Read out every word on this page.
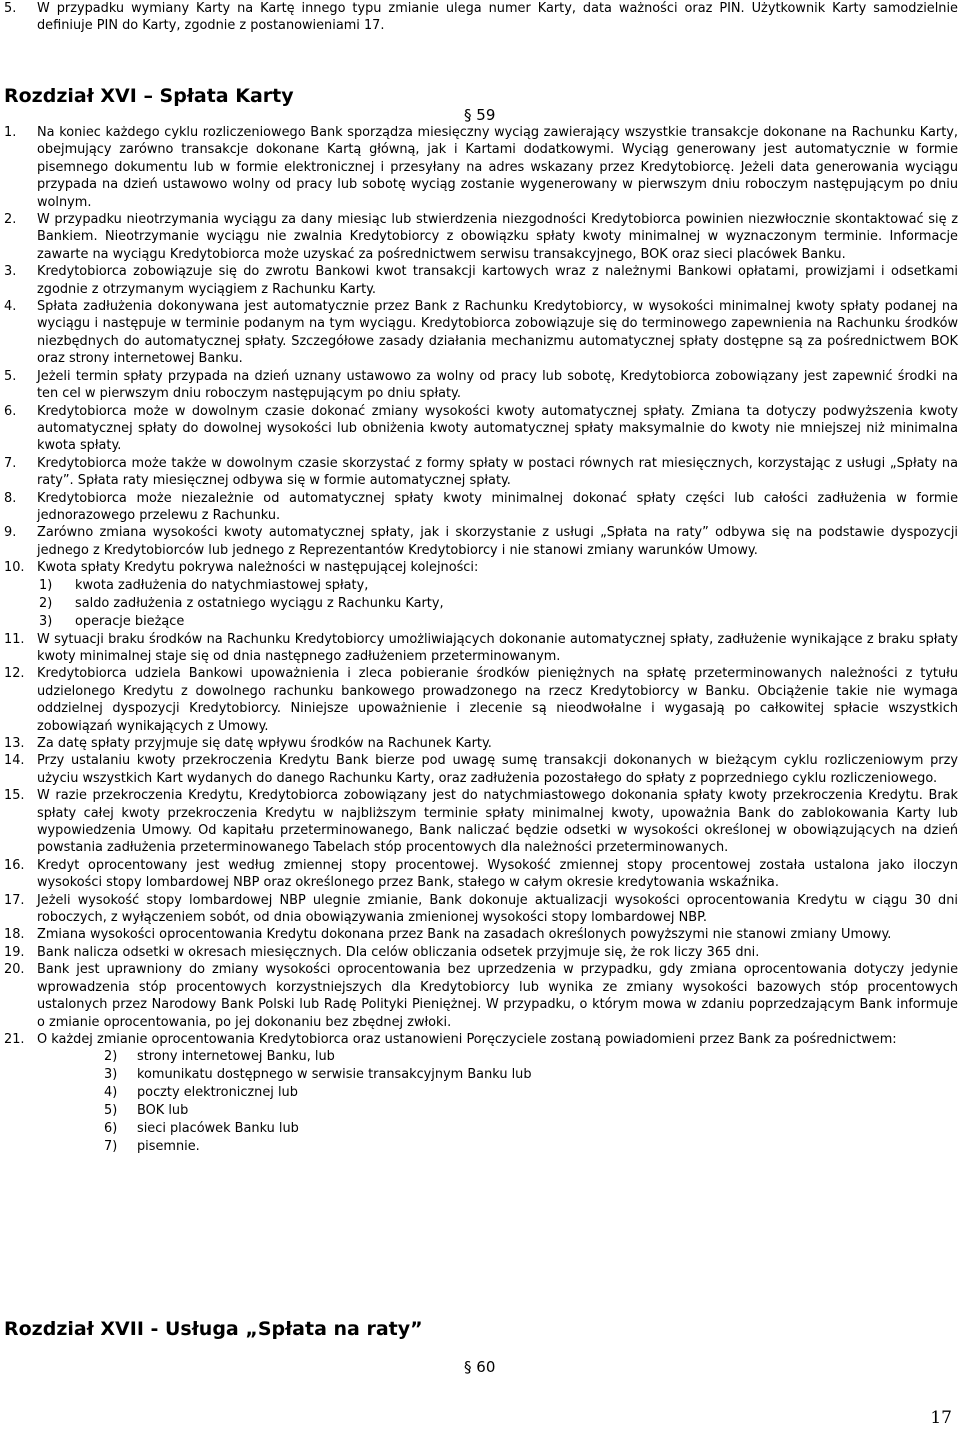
5.	W przypadku wymiany Karty na Kartę innego typu zmianie ulega numer Karty, data ważności oraz PIN. Użytkownik Karty samodzielnie definiuje PIN do Karty, zgodnie z postanowieniami 17.
Rozdział XVI – Spłata Karty
§ 59
1.	Na koniec każdego cyklu rozliczeniowego Bank sporządza miesięczny wyciąg zawierający wszystkie transakcje dokonane na Rachunku Karty, obejmujący zarówno transakcje dokonane Kartą główną, jak i Kartami dodatkowymi. Wyciąg generowany jest automatycznie w formie pisemnego dokumentu lub w formie elektronicznej i przesyłany na adres wskazany przez Kredytobiorcę. Jeżeli data generowania wyciągu przypada na dzień ustawowo wolny od pracy lub sobotę wyciąg zostanie wygenerowany w pierwszym dniu roboczym następującym po dniu wolnym.
2.	W przypadku nieotrzymania wyciągu za dany miesiąc lub stwierdzenia niezgodności Kredytobiorca powinien niezwłocznie skontaktować się z Bankiem. Nieotrzymanie wyciągu nie zwalnia Kredytobiorcy z obowiązku spłaty kwoty minimalnej w wyznaczonym terminie. Informacje zawarte na wyciągu Kredytobiorca może uzyskać za pośrednictwem serwisu transakcyjnego, BOK oraz sieci placówek Banku.
3.	Kredytobiorca zobowiązuje się do zwrotu Bankowi kwot transakcji kartowych wraz z należnymi Bankowi opłatami, prowizjami i odsetkami zgodnie z otrzymanym wyciągiem z Rachunku Karty.
4.	Spłata zadłużenia dokonywana jest automatycznie przez Bank z Rachunku Kredytobiorcy, w wysokości minimalnej kwoty spłaty podanej na wyciągu i następuje w terminie podanym na tym wyciągu. Kredytobiorca zobowiązuje się do terminowego zapewnienia na Rachunku środków niezbędnych do automatycznej spłaty. Szczegółowe zasady działania mechanizmu automatycznej spłaty dostępne są za pośrednictwem BOK oraz strony internetowej Banku.
5.	Jeżeli termin spłaty przypada na dzień uznany ustawowo za wolny od pracy lub sobotę, Kredytobiorca zobowiązany jest zapewnić środki na ten cel w pierwszym dniu roboczym następującym po dniu spłaty.
6.	Kredytobiorca może w dowolnym czasie dokonać zmiany wysokości kwoty automatycznej spłaty. Zmiana ta dotyczy podwyższenia kwoty automatycznej spłaty do dowolnej wysokości lub obniżenia kwoty automatycznej spłaty maksymalnie do kwoty nie mniejszej niż minimalna kwota spłaty.
7.	Kredytobiorca może także w dowolnym czasie skorzystać z formy spłaty w postaci równych rat miesięcznych, korzystając z usługi „Spłaty na raty”. Spłata raty miesięcznej odbywa się w formie automatycznej spłaty.
8.	Kredytobiorca może niezależnie od automatycznej spłaty kwoty minimalnej dokonać spłaty części lub całości zadłużenia w formie jednorazowego przelewu z Rachunku.
9.	Zarówno zmiana wysokości kwoty automatycznej spłaty, jak i skorzystanie z usługi „Spłata na raty” odbywa się na podstawie dyspozycji jednego z Kredytobiorców lub jednego z Reprezentantów Kredytobiorcy i nie stanowi zmiany warunków Umowy.
10. Kwota spłaty Kredytu pokrywa należności w następującej kolejności:
1)	kwota zadłużenia do natychmiastowej spłaty,
2)	saldo zadłużenia z ostatniego wyciągu z Rachunku Karty,
3)	operacje bieżące
11. W sytuacji braku środków na Rachunku Kredytobiorcy umożliwiających dokonanie automatycznej spłaty, zadłużenie wynikające z braku spłaty kwoty minimalnej staje się od dnia następnego zadłużeniem przeterminowanym.
12. Kredytobiorca udziela Bankowi upoważnienia i zleca pobieranie środków pieniężnych na spłatę przeterminowanych należności z tytułu udzielonego Kredytu z dowolnego rachunku bankowego prowadzonego na rzecz Kredytobiorcy w Banku. Obciążenie takie nie wymaga oddzielnej dyspozycji Kredytobiorcy. Niniejsze upoważnienie i zlecenie są nieodwołalne i wygasają po całkowitej spłacie wszystkich zobowiązań wynikających z Umowy.
13. Za datę spłaty przyjmuje się datę wpływu środków na Rachunek Karty.
14. Przy ustalaniu kwoty przekroczenia Kredytu Bank bierze pod uwagę sumę transakcji dokonanych w bieżącym cyklu rozliczeniowym przy użyciu wszystkich Kart wydanych do danego Rachunku Karty, oraz zadłużenia pozostałego do spłaty z poprzedniego cyklu rozliczeniowego.
15. W razie przekroczenia Kredytu, Kredytobiorca zobowiązany jest do natychmiastowego dokonania spłaty kwoty przekroczenia Kredytu. Brak spłaty całej kwoty przekroczenia Kredytu w najbliższym terminie spłaty minimalnej kwoty, upoważnia Bank do zablokowania Karty lub wypowiedzenia Umowy. Od kapitału przeterminowanego, Bank naliczać będzie odsetki w wysokości określonej w obowiązujących na dzień powstania zadłużenia przeterminowanego Tabelach stóp procentowych dla należności przeterminowanych.
16. Kredyt oprocentowany jest według zmiennej stopy procentowej. Wysokość zmiennej stopy procentowej została ustalona jako iloczyn wysokości stopy lombardowej NBP oraz określonego przez Bank, stałego w całym okresie kredytowania wskaźnika.
17. Jeżeli wysokość stopy lombardowej NBP ulegnie zmianie, Bank dokonuje aktualizacji wysokości oprocentowania Kredytu w ciągu 30 dni roboczych, z wyłączeniem sobót, od dnia obowiązywania zmienionej wysokości stopy lombardowej NBP.
18. Zmiana wysokości oprocentowania Kredytu dokonana przez Bank na zasadach określonych powyższymi nie stanowi zmiany Umowy.
19. Bank nalicza odsetki w okresach miesięcznych. Dla celów obliczania odsetek przyjmuje się, że rok liczy 365 dni.
20. Bank jest uprawniony do zmiany wysokości oprocentowania bez uprzedzenia w przypadku, gdy zmiana oprocentowania dotyczy jedynie wprowadzenia stóp procentowych korzystniejszych dla Kredytobiorcy lub wynika ze zmiany wysokości bazowych stóp procentowych ustalonych przez Narodowy Bank Polski lub Radę Polityki Pieniężnej. W przypadku, o którym mowa w zdaniu poprzedzającym Bank informuje o zmianie oprocentowania, po jej dokonaniu bez zbędnej zwłoki.
21. O każdej zmianie oprocentowania Kredytobiorca oraz ustanowieni Poręczyciele zostaną powiadomieni przez Bank za pośrednictwem:
2)	strony internetowej Banku, lub
3)	komunikatu dostępnego w serwisie transakcyjnym Banku lub
4)	poczty elektronicznej lub
5)	BOK lub
6)	sieci placówek Banku lub
7)	pisemnie.
Rozdział XVII - Usługa „Spłata na raty”
§ 60
17
